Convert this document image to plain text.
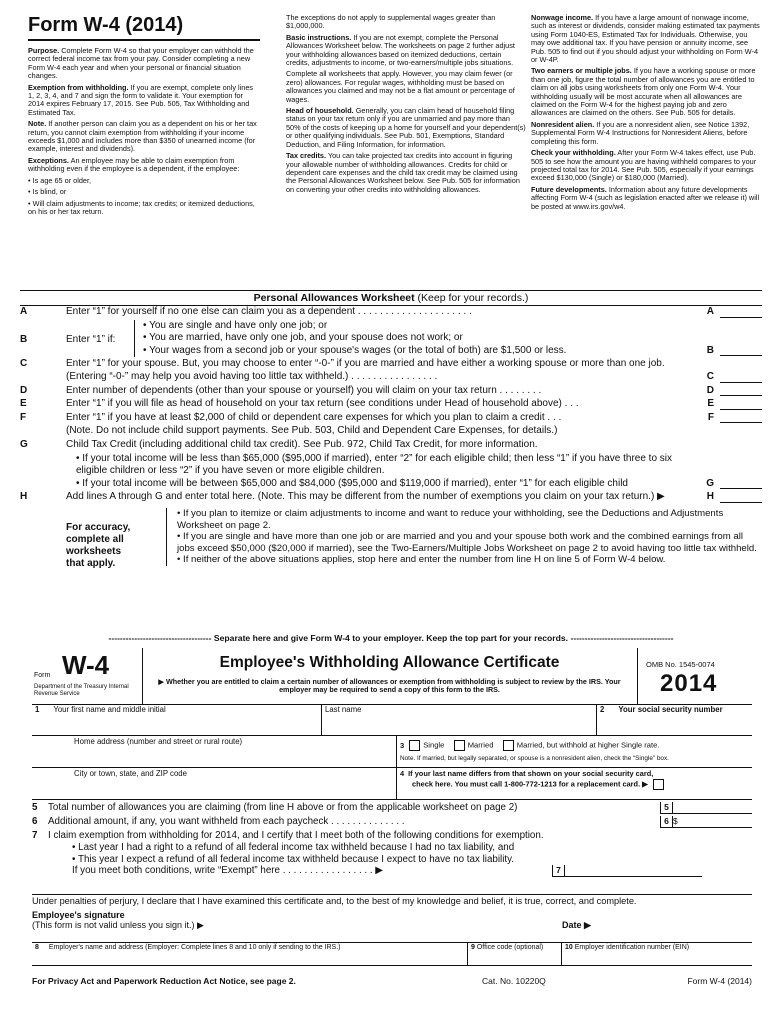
Form W-4 (2014)

Purpose. Complete Form W-4 so that your employer can withhold the correct federal income tax from your pay. Consider completing a new Form W-4 each year and when your personal or financial situation changes.

Exemption from withholding. If you are exempt, complete only lines 1, 2, 3, 4, and 7 and sign the form to validate it. Your exemption for 2014 expires February 17, 2015. See Pub. 505, Tax Withholding and Estimated Tax.

Note. If another person can claim you as a dependent on his or her tax return, you cannot claim exemption from withholding if your income exceeds $1,000 and includes more than $350 of unearned income (for example, interest and dividends).

Exceptions. An employee may be able to claim exemption from withholding even if the employee is a dependent, if the employee:

• Is age 65 or older,

• Is blind, or

• Will claim adjustments to income; tax credits; or itemized deductions, on his or her tax return.

The exceptions do not apply to supplemental wages greater than $1,000,000.

Basic instructions. If you are not exempt, complete the Personal Allowances Worksheet below. The worksheets on page 2 further adjust your withholding allowances based on itemized deductions, certain credits, adjustments to income, or two-earners/multiple jobs situations.

Complete all worksheets that apply. However, you may claim fewer (or zero) allowances. For regular wages, withholding must be based on allowances you claimed and may not be a flat amount or percentage of wages.

Head of household. Generally, you can claim head of household filing status on your tax return only if you are unmarried and pay more than 50% of the costs of keeping up a home for yourself and your dependent(s) or other qualifying individuals. See Pub. 501, Exemptions, Standard Deduction, and Filing Information, for information.

Tax credits. You can take projected tax credits into account in figuring your allowable number of withholding allowances. Credits for child or dependent care expenses and the child tax credit may be claimed using the Personal Allowances Worksheet below. See Pub. 505 for information on converting your other credits into withholding allowances.

Nonwage income. If you have a large amount of nonwage income, such as interest or dividends, consider making estimated tax payments using Form 1040-ES, Estimated Tax for Individuals. Otherwise, you may owe additional tax. If you have pension or annuity income, see Pub. 505 to find out if you should adjust your withholding on Form W-4 or W-4P.

Two earners or multiple jobs. If you have a working spouse or more than one job, figure the total number of allowances you are entitled to claim on all jobs using worksheets from only one Form W-4. Your withholding usually will be most accurate when all allowances are claimed on the Form W-4 for the highest paying job and zero allowances are claimed on the others. See Pub. 505 for details.

Nonresident alien. If you are a nonresident alien, see Notice 1392, Supplemental Form W-4 Instructions for Nonresident Aliens, before completing this form.

Check your withholding. After your Form W-4 takes effect, use Pub. 505 to see how the amount you are having withheld compares to your projected total tax for 2014. See Pub. 505, especially if your earnings exceed $130,000 (Single) or $180,000 (Married).

Future developments. Information about any future developments affecting Form W-4 (such as legislation enacted after we release it) will be posted at www.irs.gov/w4.

Personal Allowances Worksheet (Keep for your records.)
A	Enter “1” for yourself if no one else can claim you as a dependent . . . . . . . . . . . . . . . . . . . . .	A
B	Enter “1” if:
• You are single and have only one job; or
• You are married, have only one job, and your spouse does not work; or
• Your wages from a second job or your spouse's wages (or the total of both) are $1,500 or less.	B
C	Enter “1” for your spouse. But, you may choose to enter “-0-” if you are married and have either a working spouse or more than one job. (Entering “-0-” may help you avoid having too little tax withheld.) . . . . . . . . . . . . . . . .	C
D	Enter number of dependents (other than your spouse or yourself) you will claim on your tax return . . . . . . . .	D
E	Enter “1” if you will file as head of household on your tax return (see conditions under Head of household above) . . .	E
F	Enter “1” if you have at least $2,000 of child or dependent care expenses for which you plan to claim a credit . . .	F
(Note. Do not include child support payments. See Pub. 503, Child and Dependent Care Expenses, for details.)
G	Child Tax Credit (including additional child tax credit). See Pub. 972, Child Tax Credit, for more information.
• If your total income will be less than $65,000 ($95,000 if married), enter “2” for each eligible child; then less “1” if you have three to six eligible children or less “2” if you have seven or more eligible children.
• If your total income will be between $65,000 and $84,000 ($95,000 and $119,000 if married), enter “1” for each eligible child	G
H	Add lines A through G and enter total here. (Note. This may be different from the number of exemptions you claim on your tax return.) ▶	H
For accuracy, complete all worksheets that apply.
• If you plan to itemize or claim adjustments to income and want to reduce your withholding, see the Deductions and Adjustments Worksheet on page 2.
• If you are single and have more than one job or are married and you and your spouse both work and the combined earnings from all jobs exceed $50,000 ($20,000 if married), see the Two-Earners/Multiple Jobs Worksheet on page 2 to avoid having too little tax withheld.
• If neither of the above situations applies, stop here and enter the number from line H on line 5 of Form W-4 below.
------------------------------------ Separate here and give Form W-4 to your employer. Keep the top part for your records. ------------------------------------
Form W-4
Department of the Treasury Internal Revenue Service
Employee's Withholding Allowance Certificate
▶ Whether you are entitled to claim a certain number of allowances or exemption from withholding is subject to review by the IRS. Your employer may be required to send a copy of this form to the IRS.
OMB No. 1545-0074
2014
1 Your first name and middle initial	Last name	2 Your social security number
Home address (number and street or rural route)	3	Single	Married	Married, but withhold at higher Single rate.
Note. If married, but legally separated, or spouse is a nonresident alien, check the “Single” box.
City or town, state, and ZIP code	4 If your last name differs from that shown on your social security card,
check here. You must call 1-800-772-1213 for a replacement card. ▶
5 Total number of allowances you are claiming (from line H above or from the applicable worksheet on page 2)	5
6 Additional amount, if any, you want withheld from each paycheck . . . . . . . . . . . . . .	6 $
7 I claim exemption from withholding for 2014, and I certify that I meet both of the following conditions for exemption.
• Last year I had a right to a refund of all federal income tax withheld because I had no tax liability, and
• This year I expect a refund of all federal income tax withheld because I expect to have no tax liability.
If you meet both conditions, write “Exempt” here . . . . . . . . . . . . . . . . . ▶	7
Under penalties of perjury, I declare that I have examined this certificate and, to the best of my knowledge and belief, it is true, correct, and complete.
Employee's signature
(This form is not valid unless you sign it.) ▶	Date ▶
8 Employer's name and address (Employer: Complete lines 8 and 10 only if sending to the IRS.)	9 Office code (optional)	10 Employer identification number (EIN)
For Privacy Act and Paperwork Reduction Act Notice, see page 2.	Cat. No. 10220Q	Form W-4 (2014)
